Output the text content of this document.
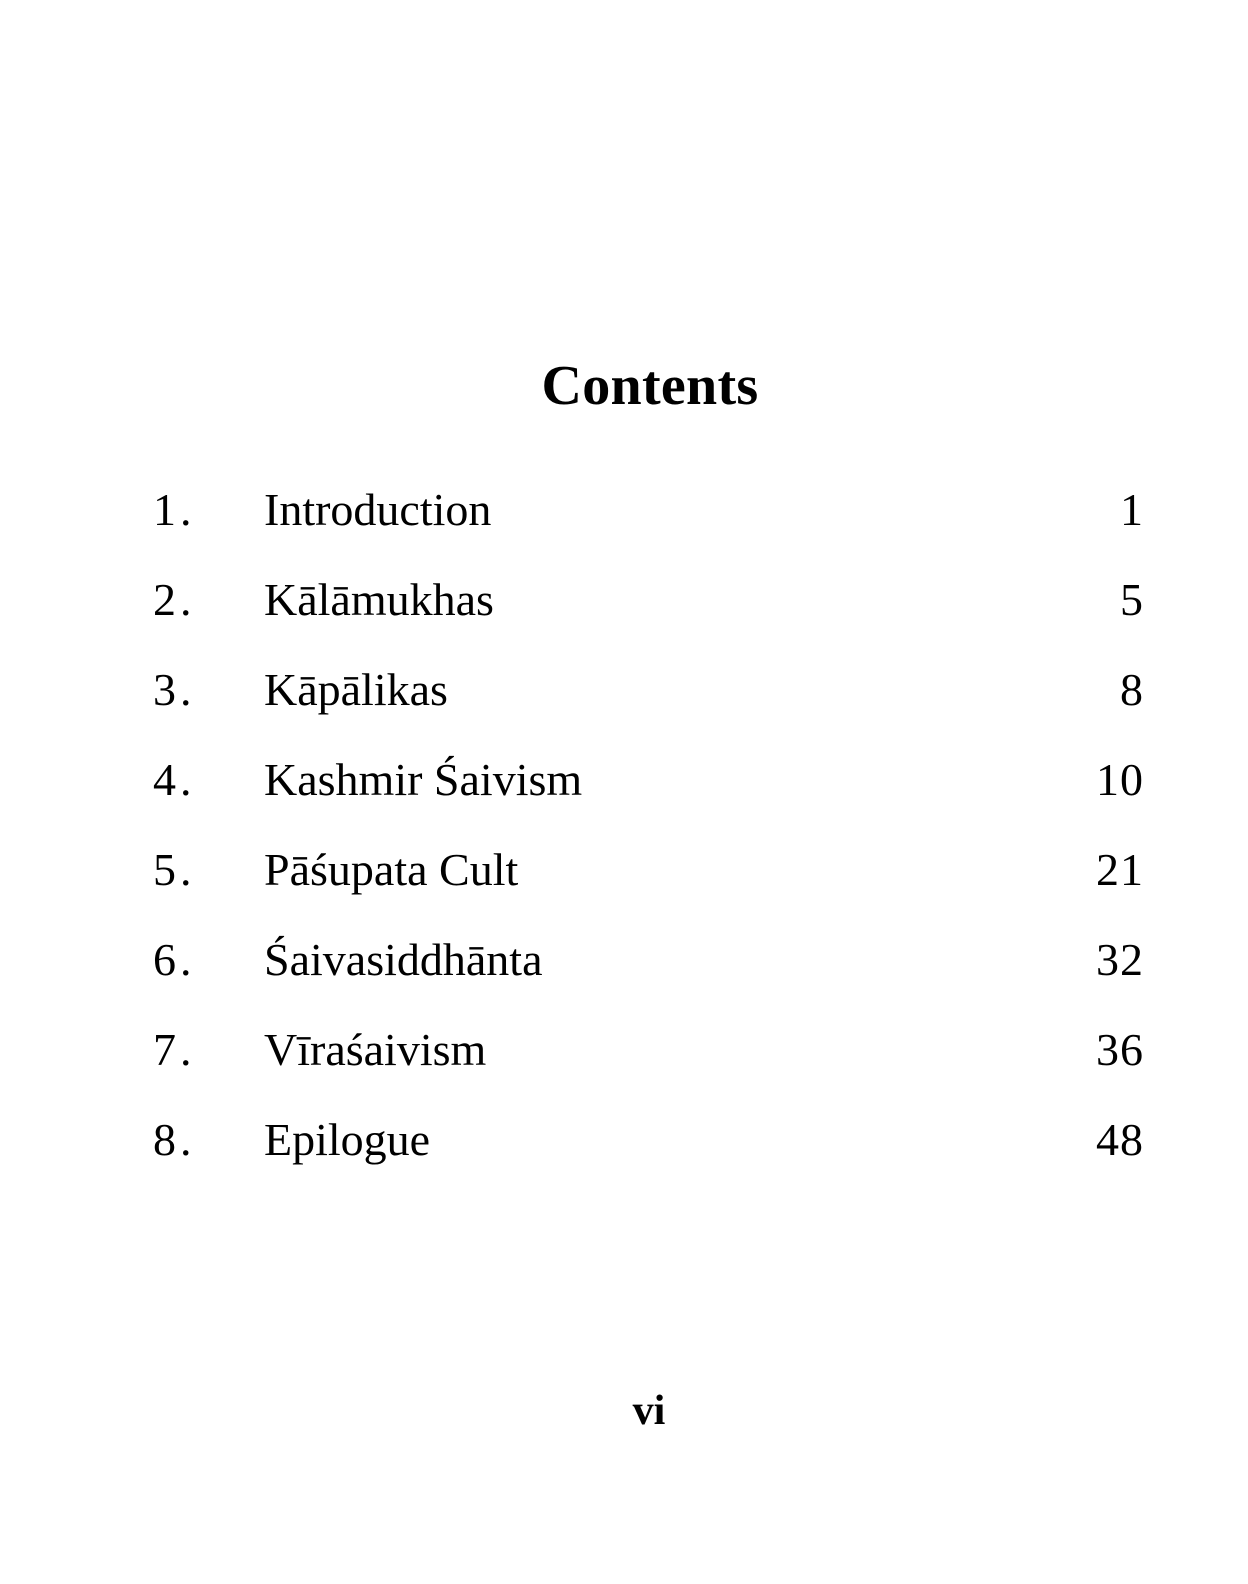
Contents
1. Introduction	1
2. Kālāmukhas	5
3. Kāpālikas	8
4. Kashmir Śaivism	10
5. Pāśupata Cult	21
6. Śaivasiddhānta	32
7. Vīraśaivism	36
8. Epilogue	48
vi
